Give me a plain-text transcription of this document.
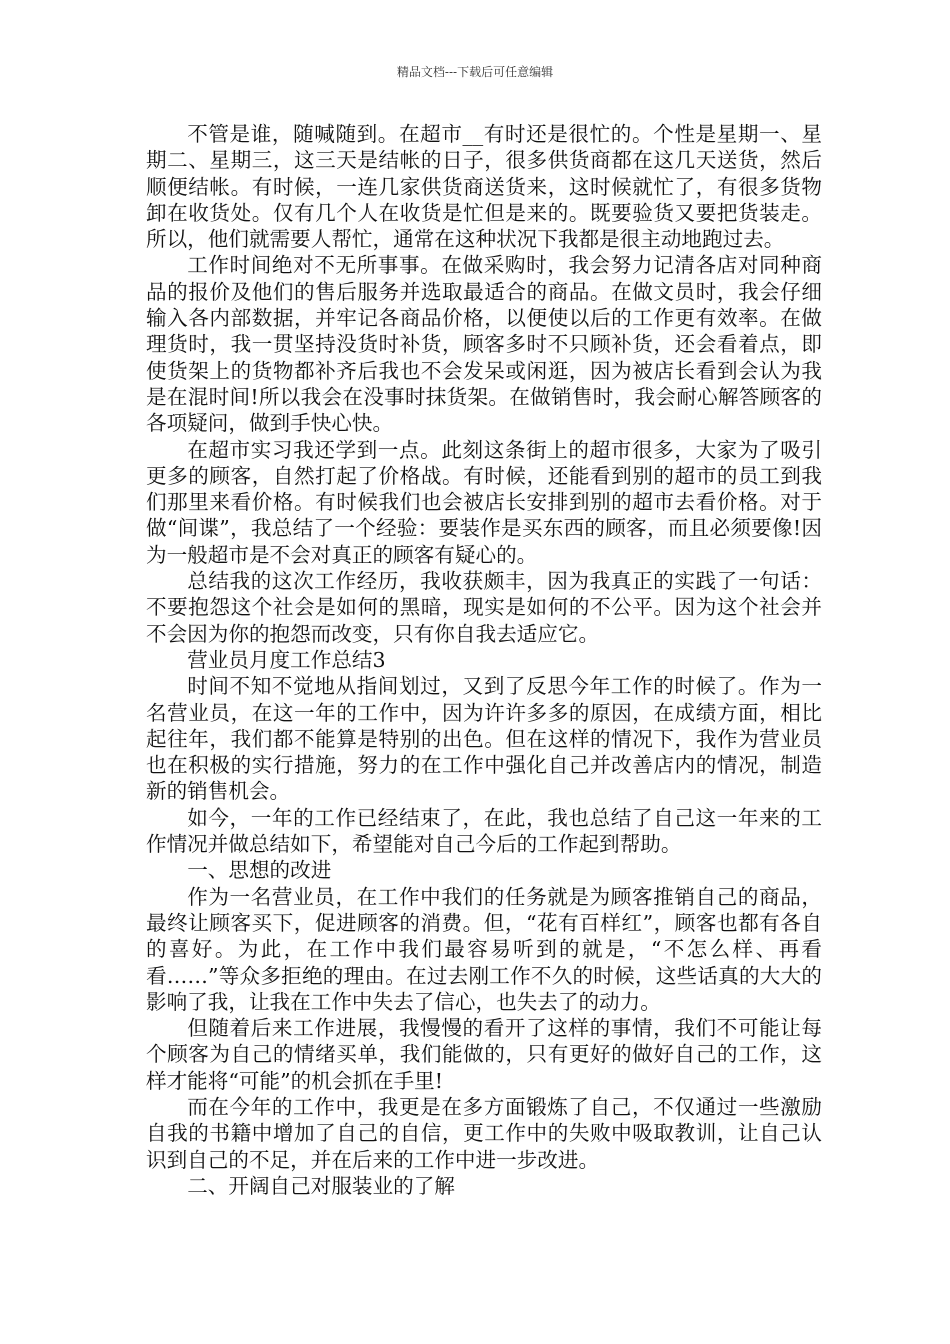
精品文档---下载后可任意编辑

不管是谁，随喊随到。在超市__有时还是很忙的。个性是星期一、星期二、星期三，这三天是结帐的日子，很多供货商都在这几天送货，然后顺便结帐。有时候，一连几家供货商送货来，这时候就忙了，有很多货物卸在收货处。仅有几个人在收货是忙但是来的。既要验货又要把货装走。所以，他们就需要人帮忙，通常在这种状况下我都是很主动地跑过去。

工作时间绝对不无所事事。在做采购时，我会努力记清各店对同种商品的报价及他们的售后服务并选取最适合的商品。在做文员时，我会仔细输入各内部数据，并牢记各商品价格，以便使以后的工作更有效率。在做理货时，我一贯坚持没货时补货，顾客多时不只顾补货，还会看着点，即使货架上的货物都补齐后我也不会发呆或闲逛，因为被店长看到会认为我是在混时间!所以我会在没事时抹货架。在做销售时，我会耐心解答顾客的各项疑问，做到手快心快。

在超市实习我还学到一点。此刻这条街上的超市很多，大家为了吸引更多的顾客，自然打起了价格战。有时候，还能看到别的超市的员工到我们那里来看价格。有时候我们也会被店长安排到别的超市去看价格。对于做“间谍”，我总结了一个经验：要装作是买东西的顾客，而且必须要像!因为一般超市是不会对真正的顾客有疑心的。

总结我的这次工作经历，我收获颇丰，因为我真正的实践了一句话：不要抱怨这个社会是如何的黑暗，现实是如何的不公平。因为这个社会并不会因为你的抱怨而改变，只有你自我去适应它。

营业员月度工作总结3

时间不知不觉地从指间划过，又到了反思今年工作的时候了。作为一名营业员，在这一年的工作中，因为许许多多的原因，在成绩方面，相比起往年，我们都不能算是特别的出色。但在这样的情况下，我作为营业员也在积极的实行措施，努力的在工作中强化自己并改善店内的情况，制造新的销售机会。

如今，一年的工作已经结束了，在此，我也总结了自己这一年来的工作情况并做总结如下，希望能对自己今后的工作起到帮助。

一、思想的改进

作为一名营业员，在工作中我们的任务就是为顾客推销自己的商品，最终让顾客买下，促进顾客的消费。但，“花有百样红”，顾客也都有各自的喜好。为此，在工作中我们最容易听到的就是，“不怎么样、再看看……”等众多拒绝的理由。在过去刚工作不久的时候，这些话真的大大的影响了我，让我在工作中失去了信心，也失去了的动力。

但随着后来工作进展，我慢慢的看开了这样的事情，我们不可能让每个顾客为自己的情绪买单，我们能做的，只有更好的做好自己的工作，这样才能将“可能”的机会抓在手里!

而在今年的工作中，我更是在多方面锻炼了自己，不仅通过一些激励自我的书籍中增加了自己的自信，更工作中的失败中吸取教训，让自己认识到自己的不足，并在后来的工作中进一步改进。

二、开阔自己对服装业的了解
